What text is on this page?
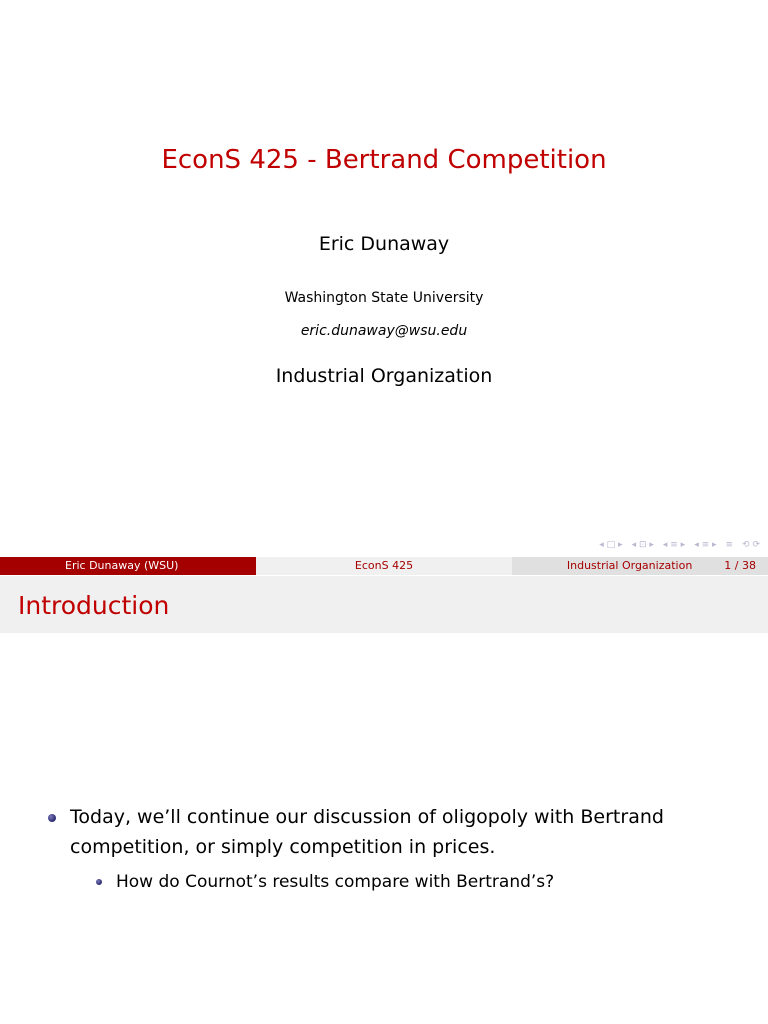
EconS 425 - Bertrand Competition
Eric Dunaway
Washington State University
eric.dunaway@wsu.edu
Industrial Organization
◂ □ ▸ ◂ ⊡ ▸ ◂ ≡ ▸ ◂ ≡ ▸ ≡ ⟲ ⟳
Eric Dunaway (WSU)	EconS 425	Industrial Organization	1 / 38
Introduction
Today, we’ll continue our discussion of oligopoly with Bertrand competition, or simply competition in prices.
How do Cournot’s results compare with Bertrand’s?
